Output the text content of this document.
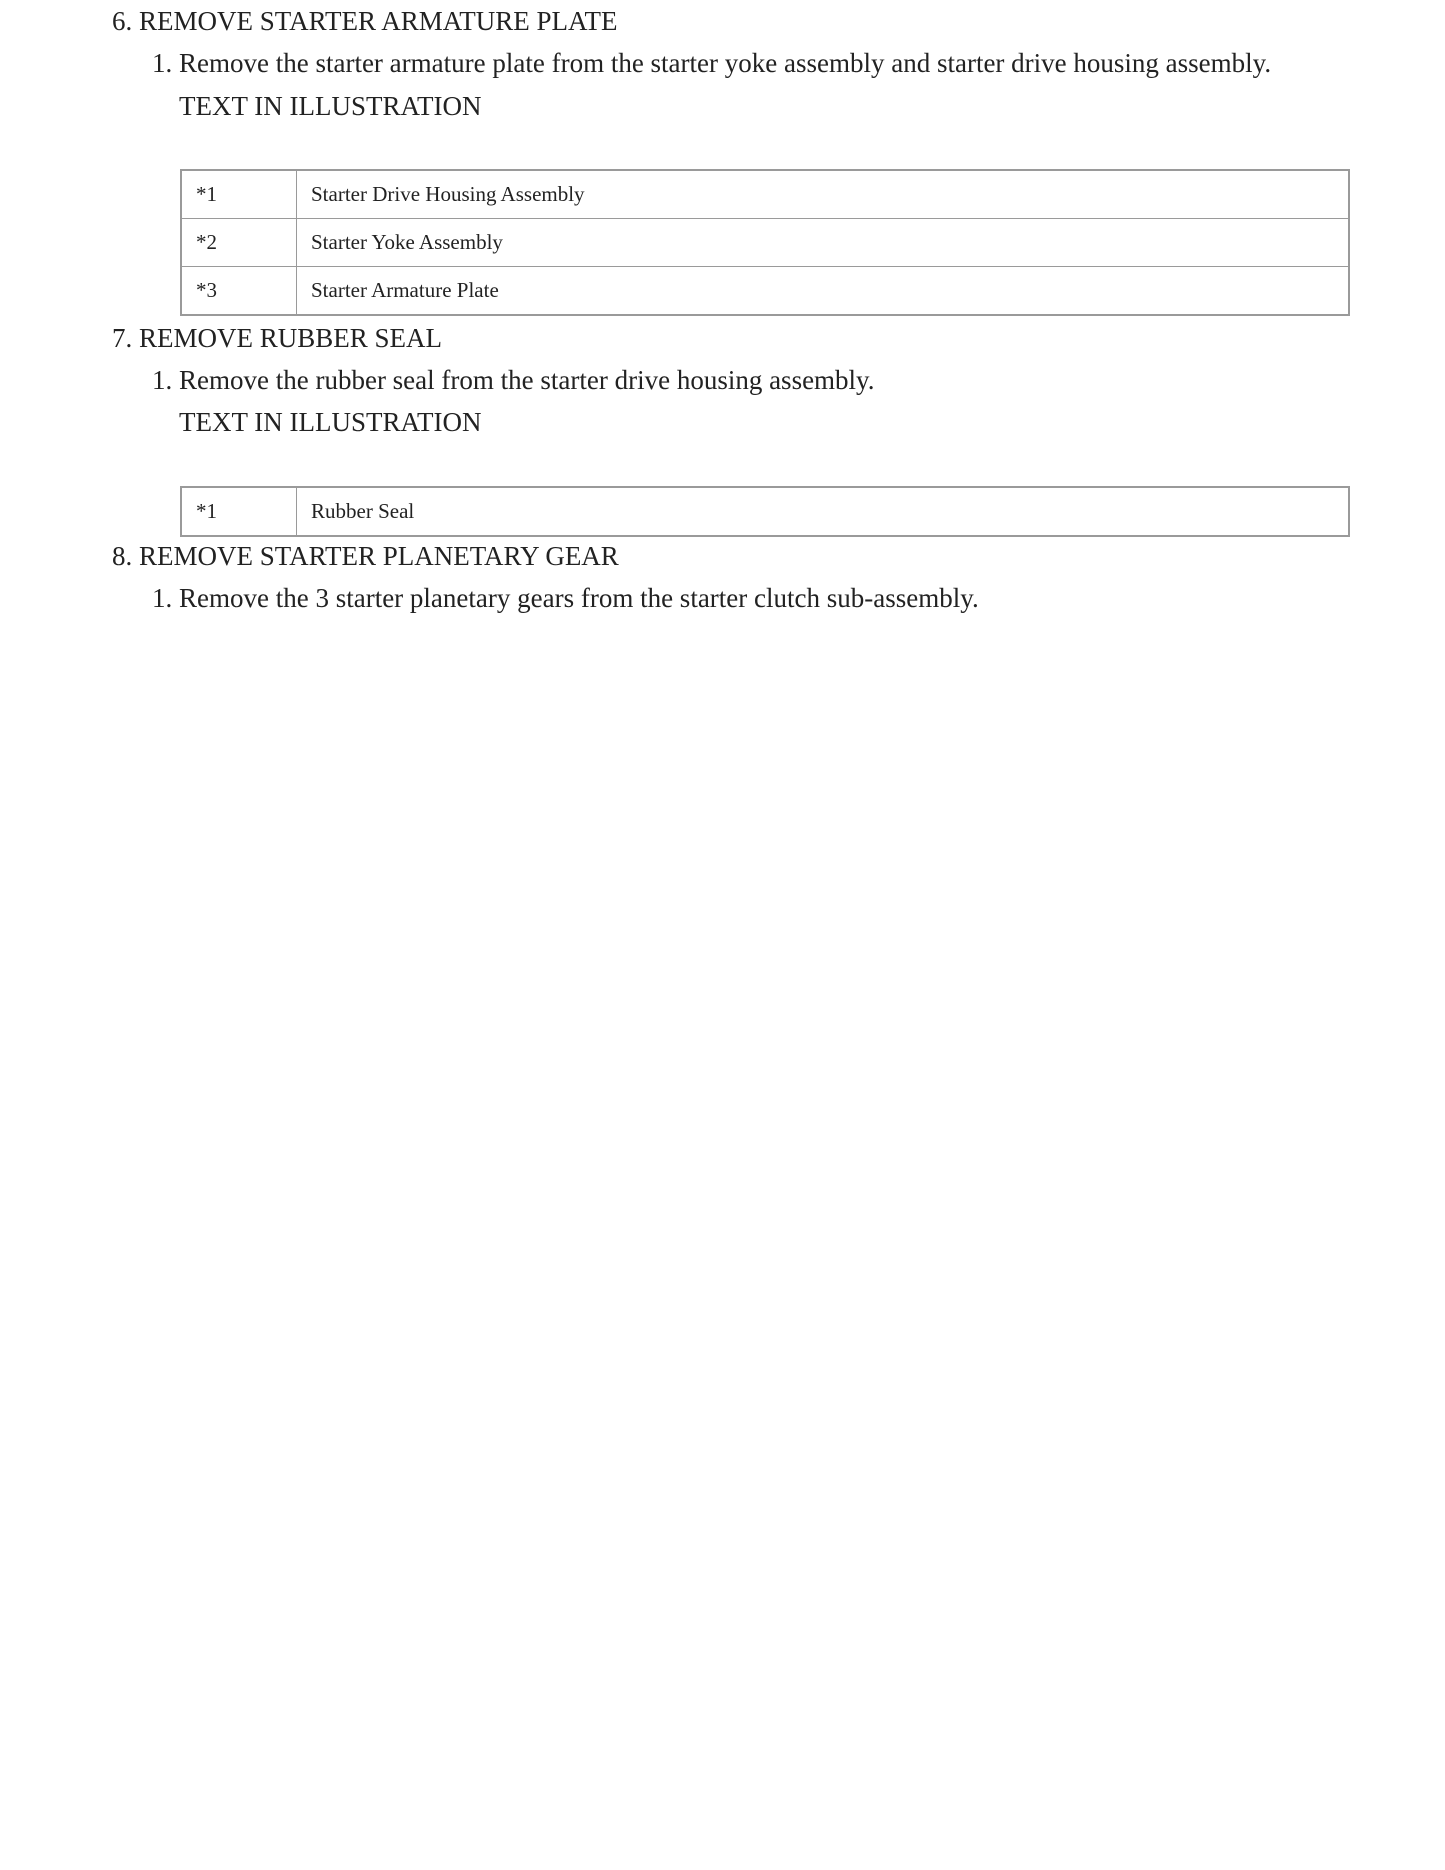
6. REMOVE STARTER ARMATURE PLATE
1. Remove the starter armature plate from the starter yoke assembly and starter drive housing assembly.
TEXT IN ILLUSTRATION
*1	Starter Drive Housing Assembly
*2	Starter Yoke Assembly
*3	Starter Armature Plate
7. REMOVE RUBBER SEAL
1. Remove the rubber seal from the starter drive housing assembly.
TEXT IN ILLUSTRATION
*1	Rubber Seal
8. REMOVE STARTER PLANETARY GEAR
1. Remove the 3 starter planetary gears from the starter clutch sub-assembly.
